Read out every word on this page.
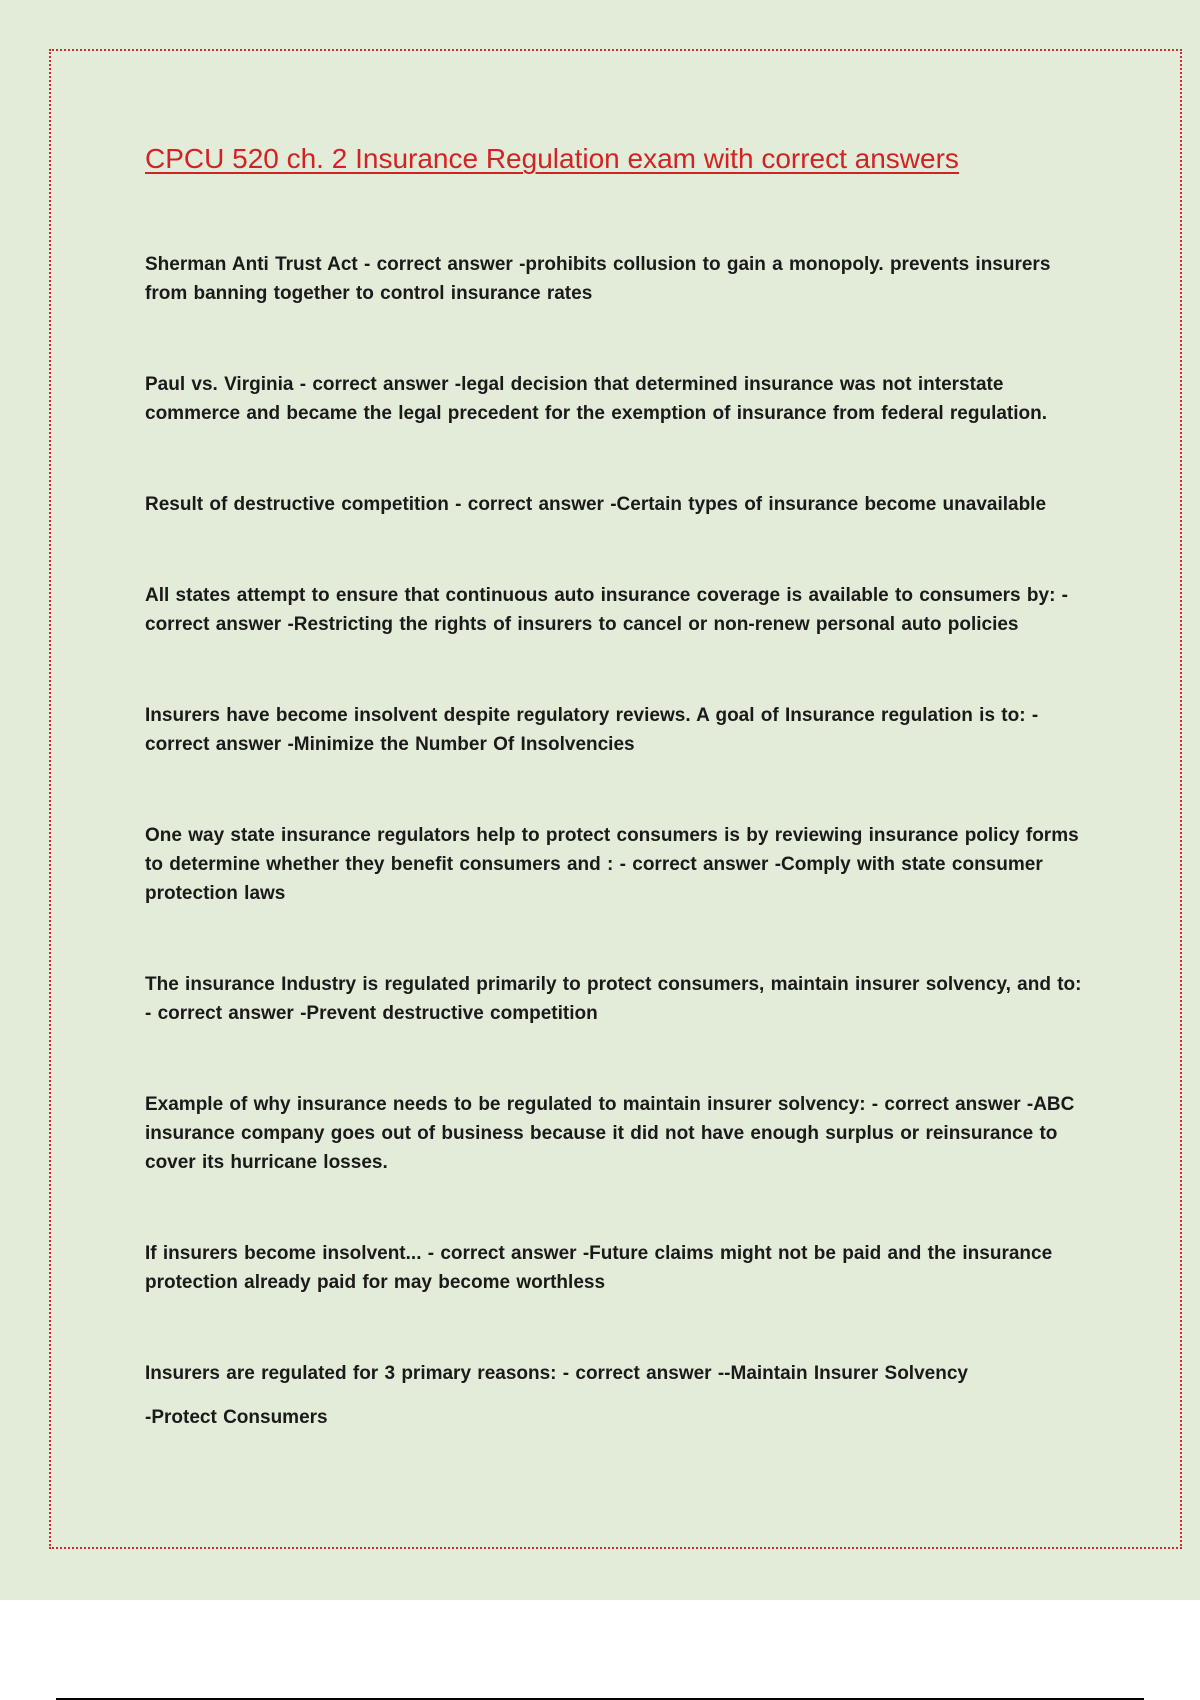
CPCU 520 ch. 2 Insurance Regulation exam with correct answers
Sherman Anti Trust Act - correct answer -prohibits collusion to gain a monopoly. prevents insurers from banning together to control insurance rates
Paul vs. Virginia - correct answer -legal decision that determined insurance was not interstate commerce and became the legal precedent for the exemption of insurance from federal regulation.
Result of destructive competition - correct answer -Certain types of insurance become unavailable
All states attempt to ensure that continuous auto insurance coverage is available to consumers by: - correct answer -Restricting the rights of insurers to cancel or non-renew personal auto policies
Insurers have become insolvent despite regulatory reviews. A goal of Insurance regulation is to: - correct answer -Minimize the Number Of Insolvencies
One way state insurance regulators help to protect consumers is by reviewing insurance policy forms to determine whether they benefit consumers and : - correct answer -Comply with state consumer protection laws
The insurance Industry is regulated primarily to protect consumers, maintain insurer solvency, and to: - correct answer -Prevent destructive competition
Example of why insurance needs to be regulated to maintain insurer solvency: - correct answer -ABC insurance company goes out of business because it did not have enough surplus or reinsurance to cover its hurricane losses.
If insurers become insolvent... - correct answer -Future claims might not be paid and the insurance protection already paid for may become worthless
Insurers are regulated for 3 primary reasons: - correct answer --Maintain Insurer Solvency
-Protect Consumers
